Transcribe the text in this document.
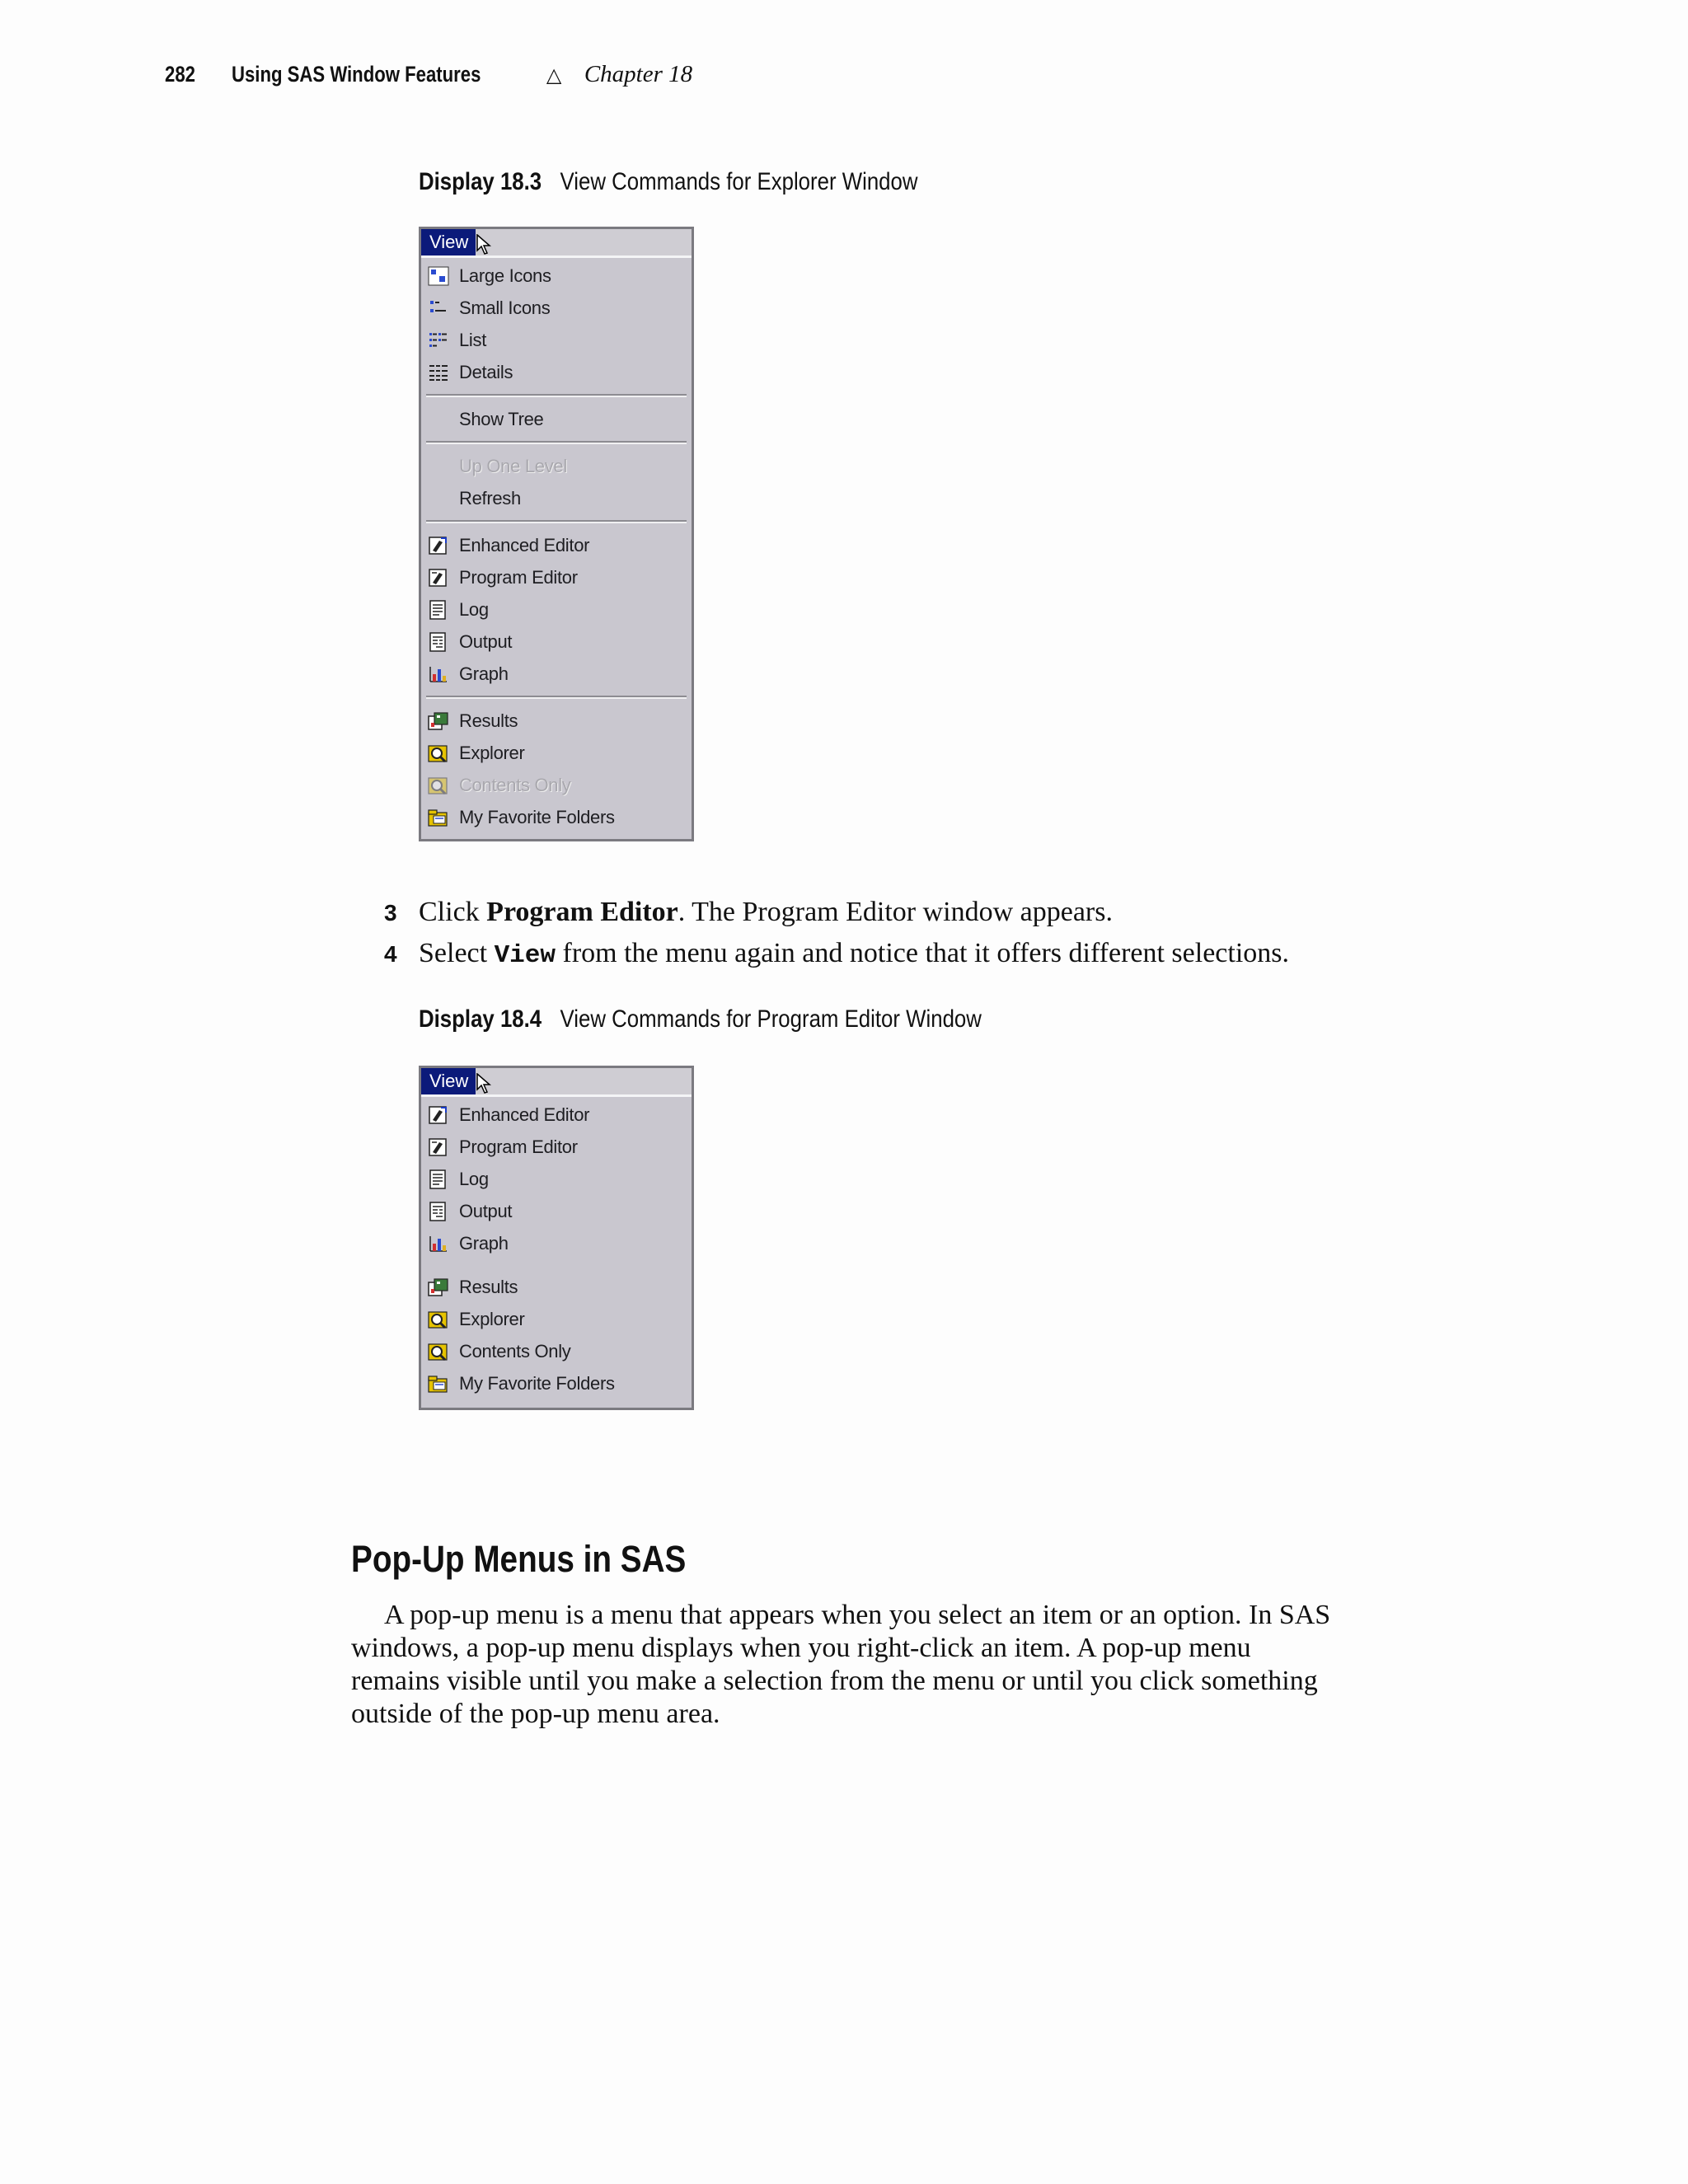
282 Using SAS Window Features	△ Chapter 18
Display 18.3 View Commands for Explorer Window
View
Large Icons
Small Icons
List
Details
Show Tree
Up One Level
Refresh
Enhanced Editor
Program Editor
Log
Output
Graph
Results
Explorer
Contents Only
My Favorite Folders
3 Click Program Editor. The Program Editor window appears.
4 Select View from the menu again and notice that it offers different selections.
Display 18.4 View Commands for Program Editor Window
View
Enhanced Editor
Program Editor
Log
Output
Graph
Results
Explorer
Contents Only
My Favorite Folders
Pop-Up Menus in SAS

A pop-up menu is a menu that appears when you select an item or an option. In SAS
windows, a pop-up menu displays when you right-click an item. A pop-up menu
remains visible until you make a selection from the menu or until you click something
outside of the pop-up menu area.
